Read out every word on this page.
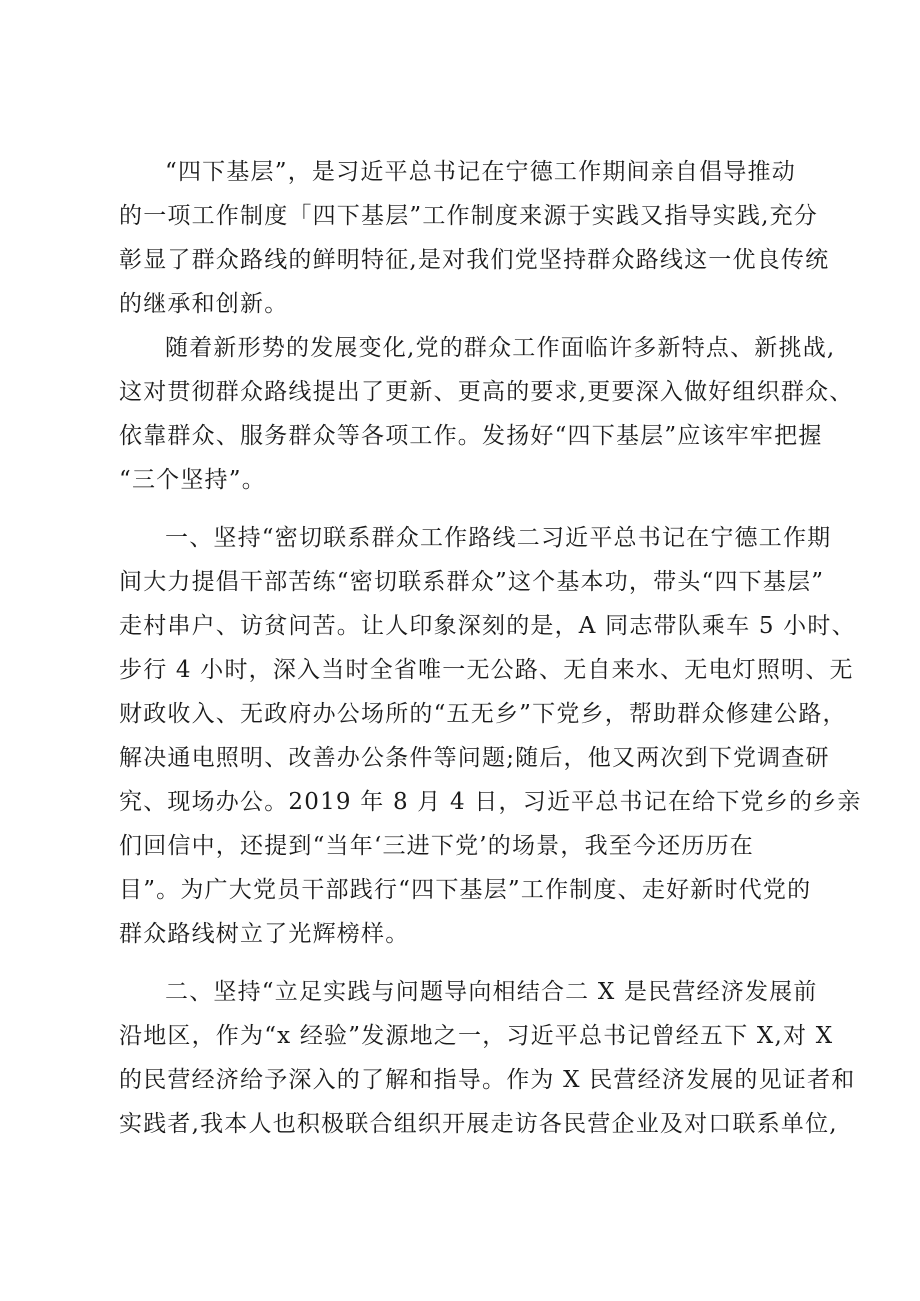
“四下基层”，是习近平总书记在宁德工作期间亲自倡导推动
的一项工作制度「四下基层”工作制度来源于实践又指导实践,充分
彰显了群众路线的鲜明特征,是对我们党坚持群众路线这一优良传统
的继承和创新。

随着新形势的发展变化,党的群众工作面临许多新特点、新挑战,
这对贯彻群众路线提出了更新、更高的要求,更要深入做好组织群众、
依靠群众、服务群众等各项工作。发扬好“四下基层”应该牢牢把握
“三个坚持”。

一、坚持“密切联系群众工作路线二习近平总书记在宁德工作期
间大力提倡干部苦练“密切联系群众”这个基本功，带头“四下基层”
走村串户、访贫问苦。让人印象深刻的是，A 同志带队乘车 5 小时、
步行 4 小时，深入当时全省唯一无公路、无自来水、无电灯照明、无
财政收入、无政府办公场所的“五无乡”下党乡，帮助群众修建公路，
解决通电照明、改善办公条件等问题;随后，他又两次到下党调查研
究、现场办公。2019 年 8 月 4 日，习近平总书记在给下党乡的乡亲
们回信中，还提到“当年‘三进下党’的场景，我至今还历历在
目”。为广大党员干部践行“四下基层”工作制度、走好新时代党的
群众路线树立了光辉榜样。

二、坚持“立足实践与问题导向相结合二 X 是民营经济发展前
沿地区，作为“x 经验”发源地之一，习近平总书记曾经五下 X,对 X
的民营经济给予深入的了解和指导。作为 X 民营经济发展的见证者和
实践者,我本人也积极联合组织开展走访各民营企业及对口联系单位,
